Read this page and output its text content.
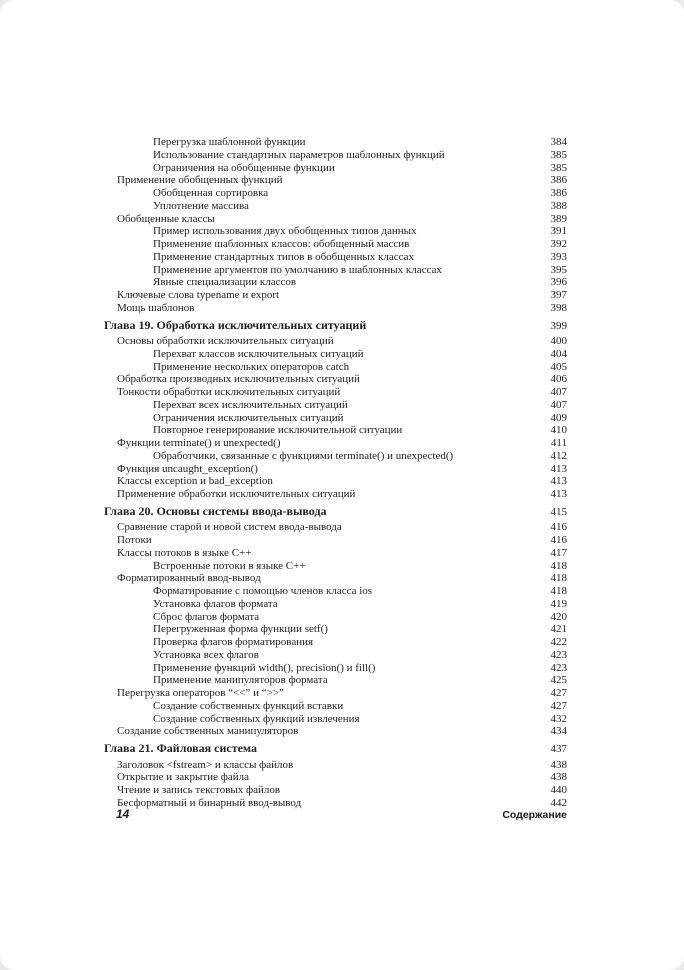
Перегрузка шаблонной функции	384
Использование стандартных параметров шаблонных функций	385
Ограничения на обобщенные функции	385
Применение обобщенных функций	386
Обобщенная сортировка	386
Уплотнение массива	388
Обобщенные классы	389
Пример использования двух обобщенных типов данных	391
Применение шаблонных классов: обобщенный массив	392
Применение стандартных типов в обобщенных классах	393
Применение аргументов по умолчанию в шаблонных классах	395
Явные специализации классов	396
Ключевые слова typename и export	397
Мощь шаблонов	398
Глава 19. Обработка исключительных ситуаций	399
Основы обработки исключительных ситуаций	400
Перехват классов исключительных ситуаций	404
Применение нескольких операторов catch	405
Обработка производных исключительных ситуаций	406
Тонкости обработки исключительных ситуаций	407
Перехват всех исключительных ситуаций	407
Ограничения исключительных ситуаций	409
Повторное генерирование исключительной ситуации	410
Функции terminate() и unexpected()	411
Обработчики, связанные с функциями terminate() и unexpected()	412
Функция uncaught_exception()	413
Классы exception и bad_exception	413
Применение обработки исключительных ситуаций	413
Глава 20. Основы системы ввода-вывода	415
Сравнение старой и новой систем ввода-вывода	416
Потоки	416
Классы потоков в языке C++	417
Встроенные потоки в языке C++	418
Форматированный ввод-вывод	418
Форматирование с помощью членов класса ios	418
Установка флагов формата	419
Сброс флагов формата	420
Перегруженная форма функции setf()	421
Проверка флагов форматирования	422
Установка всех флагов	423
Применение функций width(), precision() и fill()	423
Применение манипуляторов формата	425
Перегрузка операторов “<<” и “>>”	427
Создание собственных функций вставки	427
Создание собственных функций извлечения	432
Создание собственных манипуляторов	434
Глава 21. Файловая система	437
Заголовок <fstream> и классы файлов	438
Открытие и закрытие файла	438
Чтение и запись текстовых файлов	440
Бесформатный и бинарный ввод-вывод	442
14	Содержание
